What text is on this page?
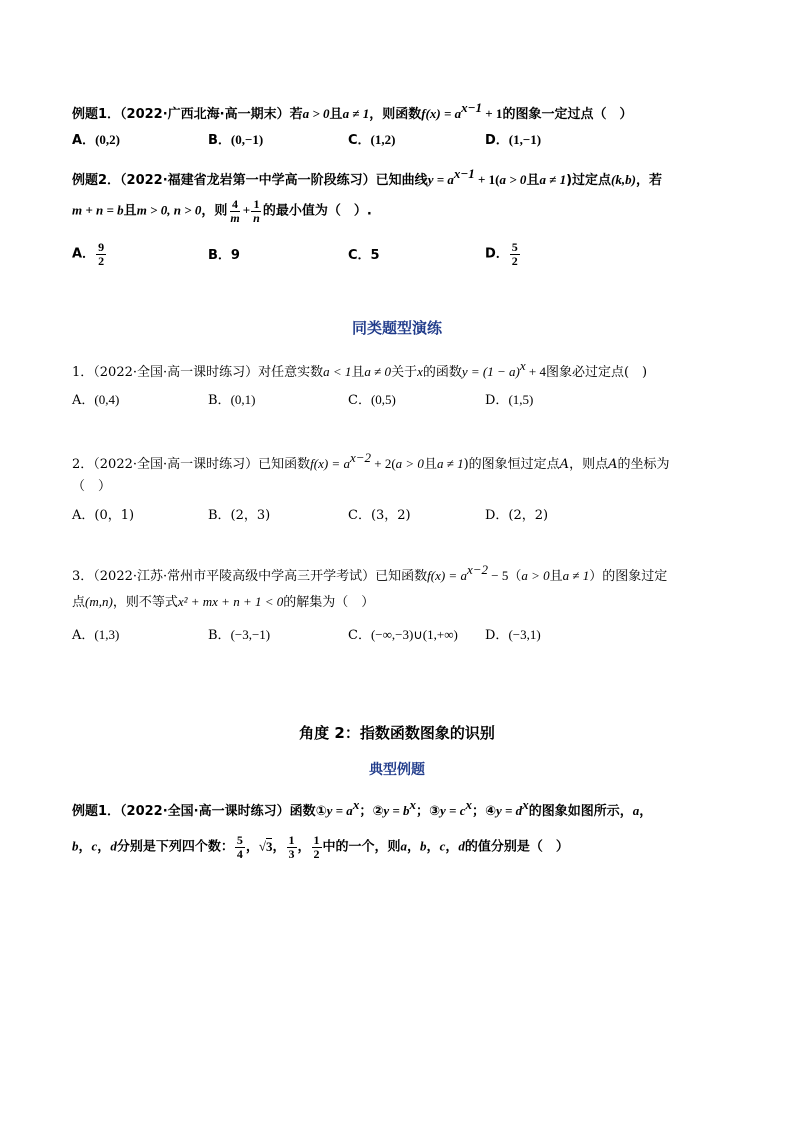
例题1．（2022·广西北海·高一期末）若a > 0且a ≠ 1，则函数$f(x) = a^{x-1} + 1$的图象一定过点（　）
A．(0,2)	B．(0,−1)	C．(1,2)	D．(1,−1)
例题2．（2022·福建省龙岩第一中学高一阶段练习）已知曲线$y = a^{x-1} + 1(a > 0$且a ≠ 1)过定点(k,b)，若
m + n = b且m > 0, n > 0，则 $\frac{4}{m} + \frac{1}{n}$ 的最小值为（　）.
A． $\frac{9}{2}$	B．9	C．5	D． $\frac{5}{2}$
同类题型演练
1．（2022·全国·高一课时练习）对任意实数a < 1且a ≠ 0关于x的函数$y = (1 - a)^x + 4$图象必过定点(　)
A．(0,4)	B．(0,1)	C．(0,5)	D．(1,5)
2．（2022·全国·高一课时练习）已知函数$f(x) = a^{x-2} + 2(a > 0$且a ≠ 1)的图象恒过定点A，则点A的坐标为
（　）
A．(0，1)	B．(2，3)	C．(3，2)	D．(2，2)
3．（2022·江苏·常州市平陵高级中学高三开学考试）已知函数$f(x) = a^{x-2} - 5(a > 0$且a ≠ 1）的图象过定
点(m,n)，则不等式x² + mx + n + 1 < 0的解集为（　）
A．(1,3)	B．(−3,−1)	C．(−∞,−3)∪(1,+∞) D．(−3,1)
角度 2：指数函数图象的识别
典型例题
例题1．（2022·全国·高一课时练习）函数①y = $a^x$；②y = $b^x$；③y = $c^x$；④y = $d^x$的图象如图所示，a，
b，c，d分别是下列四个数： $\frac{5}{4}$ ，√3， $\frac{1}{3}$ ， $\frac{1}{2}$ 中的一个，则a，b，c，d的值分别是（　）
